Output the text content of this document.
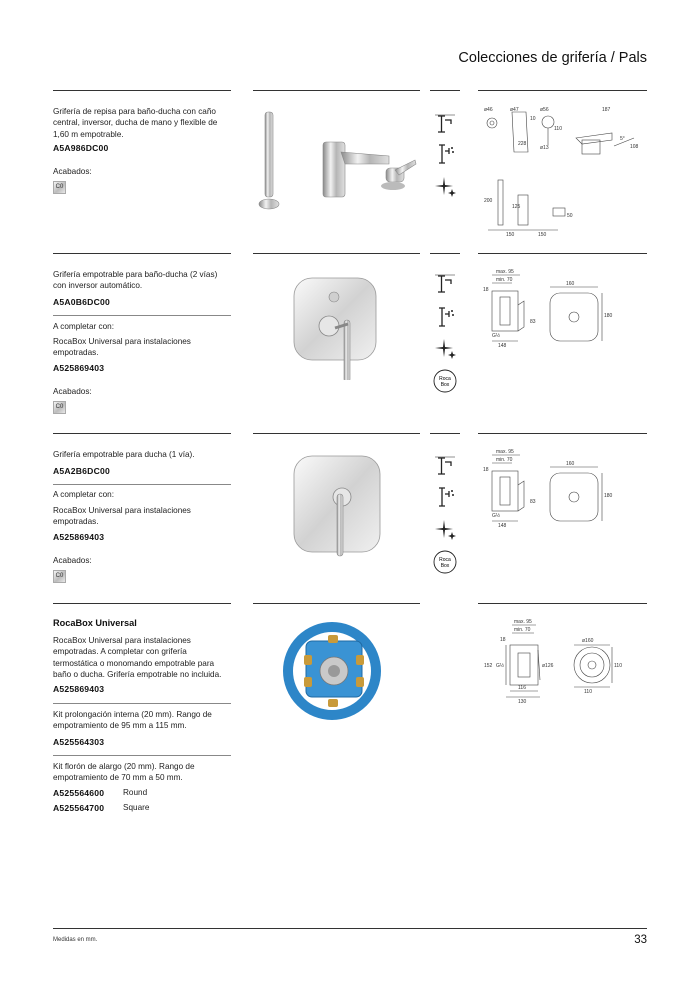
Colecciones de grifería / Pals
Grifería de repisa para baño-ducha con caño central, inversor, ducha de mano y flexible de 1,60 m empotrable.
A5A986DC00
Acabados:
C0
ø46	ø47	ø56	187
10
110
228
ø13
5°
108
200
125
50
150	150
Grifería empotrable para baño-ducha (2 vías) con inversor automático.
A5A0B6DC00
A completar con:
RocaBox Universal para instalaciones empotradas.
A525869403
Acabados:
C0
Roca
Box
max. 95
min. 70
18
160
180
83
G½
148
Grifería empotrable para ducha (1 vía).
A5A2B6DC00
A completar con:
RocaBox Universal para instalaciones empotradas.
A525869403
Acabados:
C0
Roca
Box
max. 95
min. 70
18
160
180
83
G½
148
RocaBox Universal
RocaBox Universal para instalaciones empotradas. A completar con grifería termostática o monomando empotrable para baño o ducha. Grifería empotrable no incluida.
A525869403
Kit prolongación interna (20 mm). Rango de empotramiento de 95 mm a 115 mm.
A525564303
Kit florón de alargo (20 mm). Rango de empotramiento de 70 mm a 50 mm.
A525564600 Round
A525564700 Square
max. 95
min. 70
18
152 G½	ø126
ø160
110
116
130
110
Medidas en mm.	33
